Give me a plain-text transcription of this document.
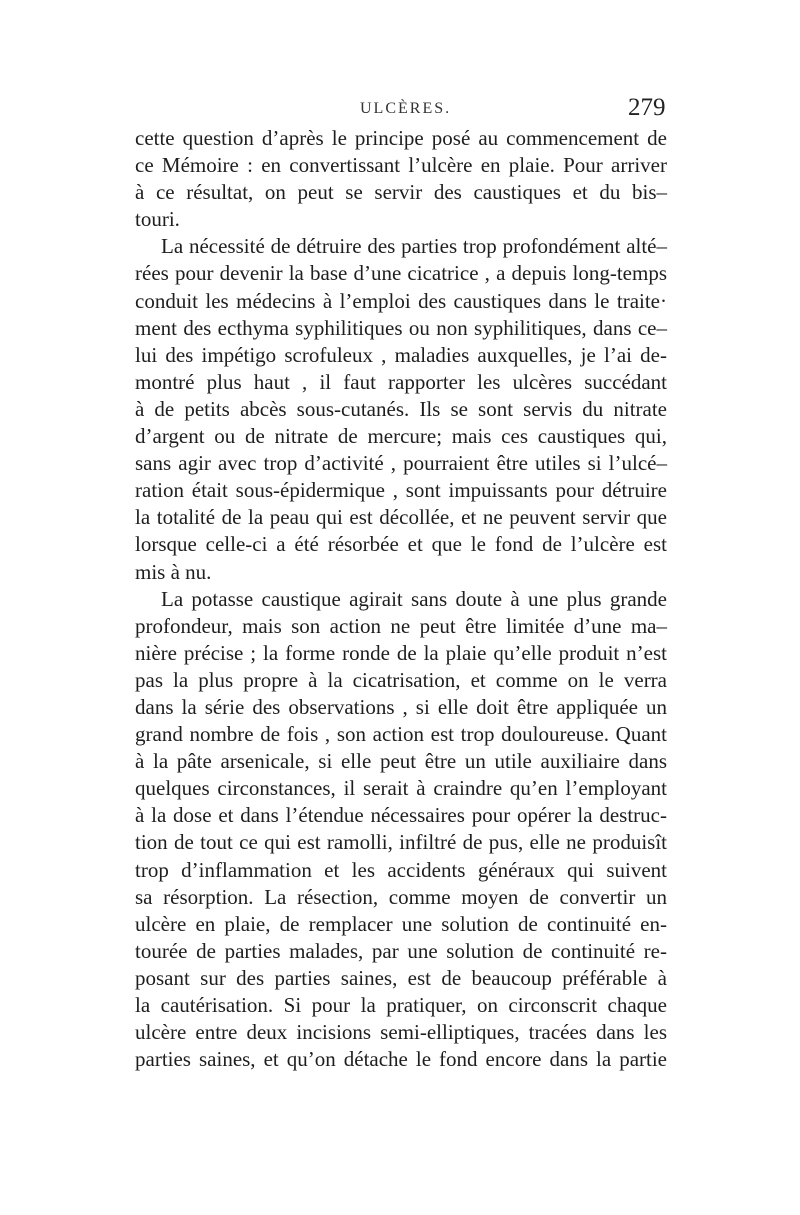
ULCÈRES.	279
cette question d’après le principe posé au commencement de
ce Mémoire : en convertissant l’ulcère en plaie. Pour arriver
à ce résultat, on peut se servir des caustiques et du bis–
touri.
La nécessité de détruire des parties trop profondément alté–
rées pour devenir la base d’une cicatrice , a depuis long-temps
conduit les médecins à l’emploi des caustiques dans le traite·
ment des ecthyma syphilitiques ou non syphilitiques, dans ce–
lui des impétigo scrofuleux , maladies auxquelles, je l’ai de-
montré plus haut , il faut rapporter les ulcères succédant
à de petits abcès sous-cutanés. Ils se sont servis du nitrate
d’argent ou de nitrate de mercure; mais ces caustiques qui,
sans agir avec trop d’activité , pourraient être utiles si l’ulcé–
ration était sous-épidermique , sont impuissants pour détruire
la totalité de la peau qui est décollée, et ne peuvent servir que
lorsque celle-ci a été résorbée et que le fond de l’ulcère est
mis à nu.
La potasse caustique agirait sans doute à une plus grande
profondeur, mais son action ne peut être limitée d’une ma–
nière précise ; la forme ronde de la plaie qu’elle produit n’est
pas la plus propre à la cicatrisation, et comme on le verra
dans la série des observations , si elle doit être appliquée un
grand nombre de fois , son action est trop douloureuse. Quant
à la pâte arsenicale, si elle peut être un utile auxiliaire dans
quelques circonstances, il serait à craindre qu’en l’employant
à la dose et dans l’étendue nécessaires pour opérer la destruc-
tion de tout ce qui est ramolli, infiltré de pus, elle ne produisît
trop d’inflammation et les accidents généraux qui suivent
sa résorption. La résection, comme moyen de convertir un
ulcère en plaie, de remplacer une solution de continuité en-
tourée de parties malades, par une solution de continuité re-
posant sur des parties saines, est de beaucoup préférable à
la cautérisation. Si pour la pratiquer, on circonscrit chaque
ulcère entre deux incisions semi-elliptiques, tracées dans les
parties saines, et qu’on détache le fond encore dans la partie
